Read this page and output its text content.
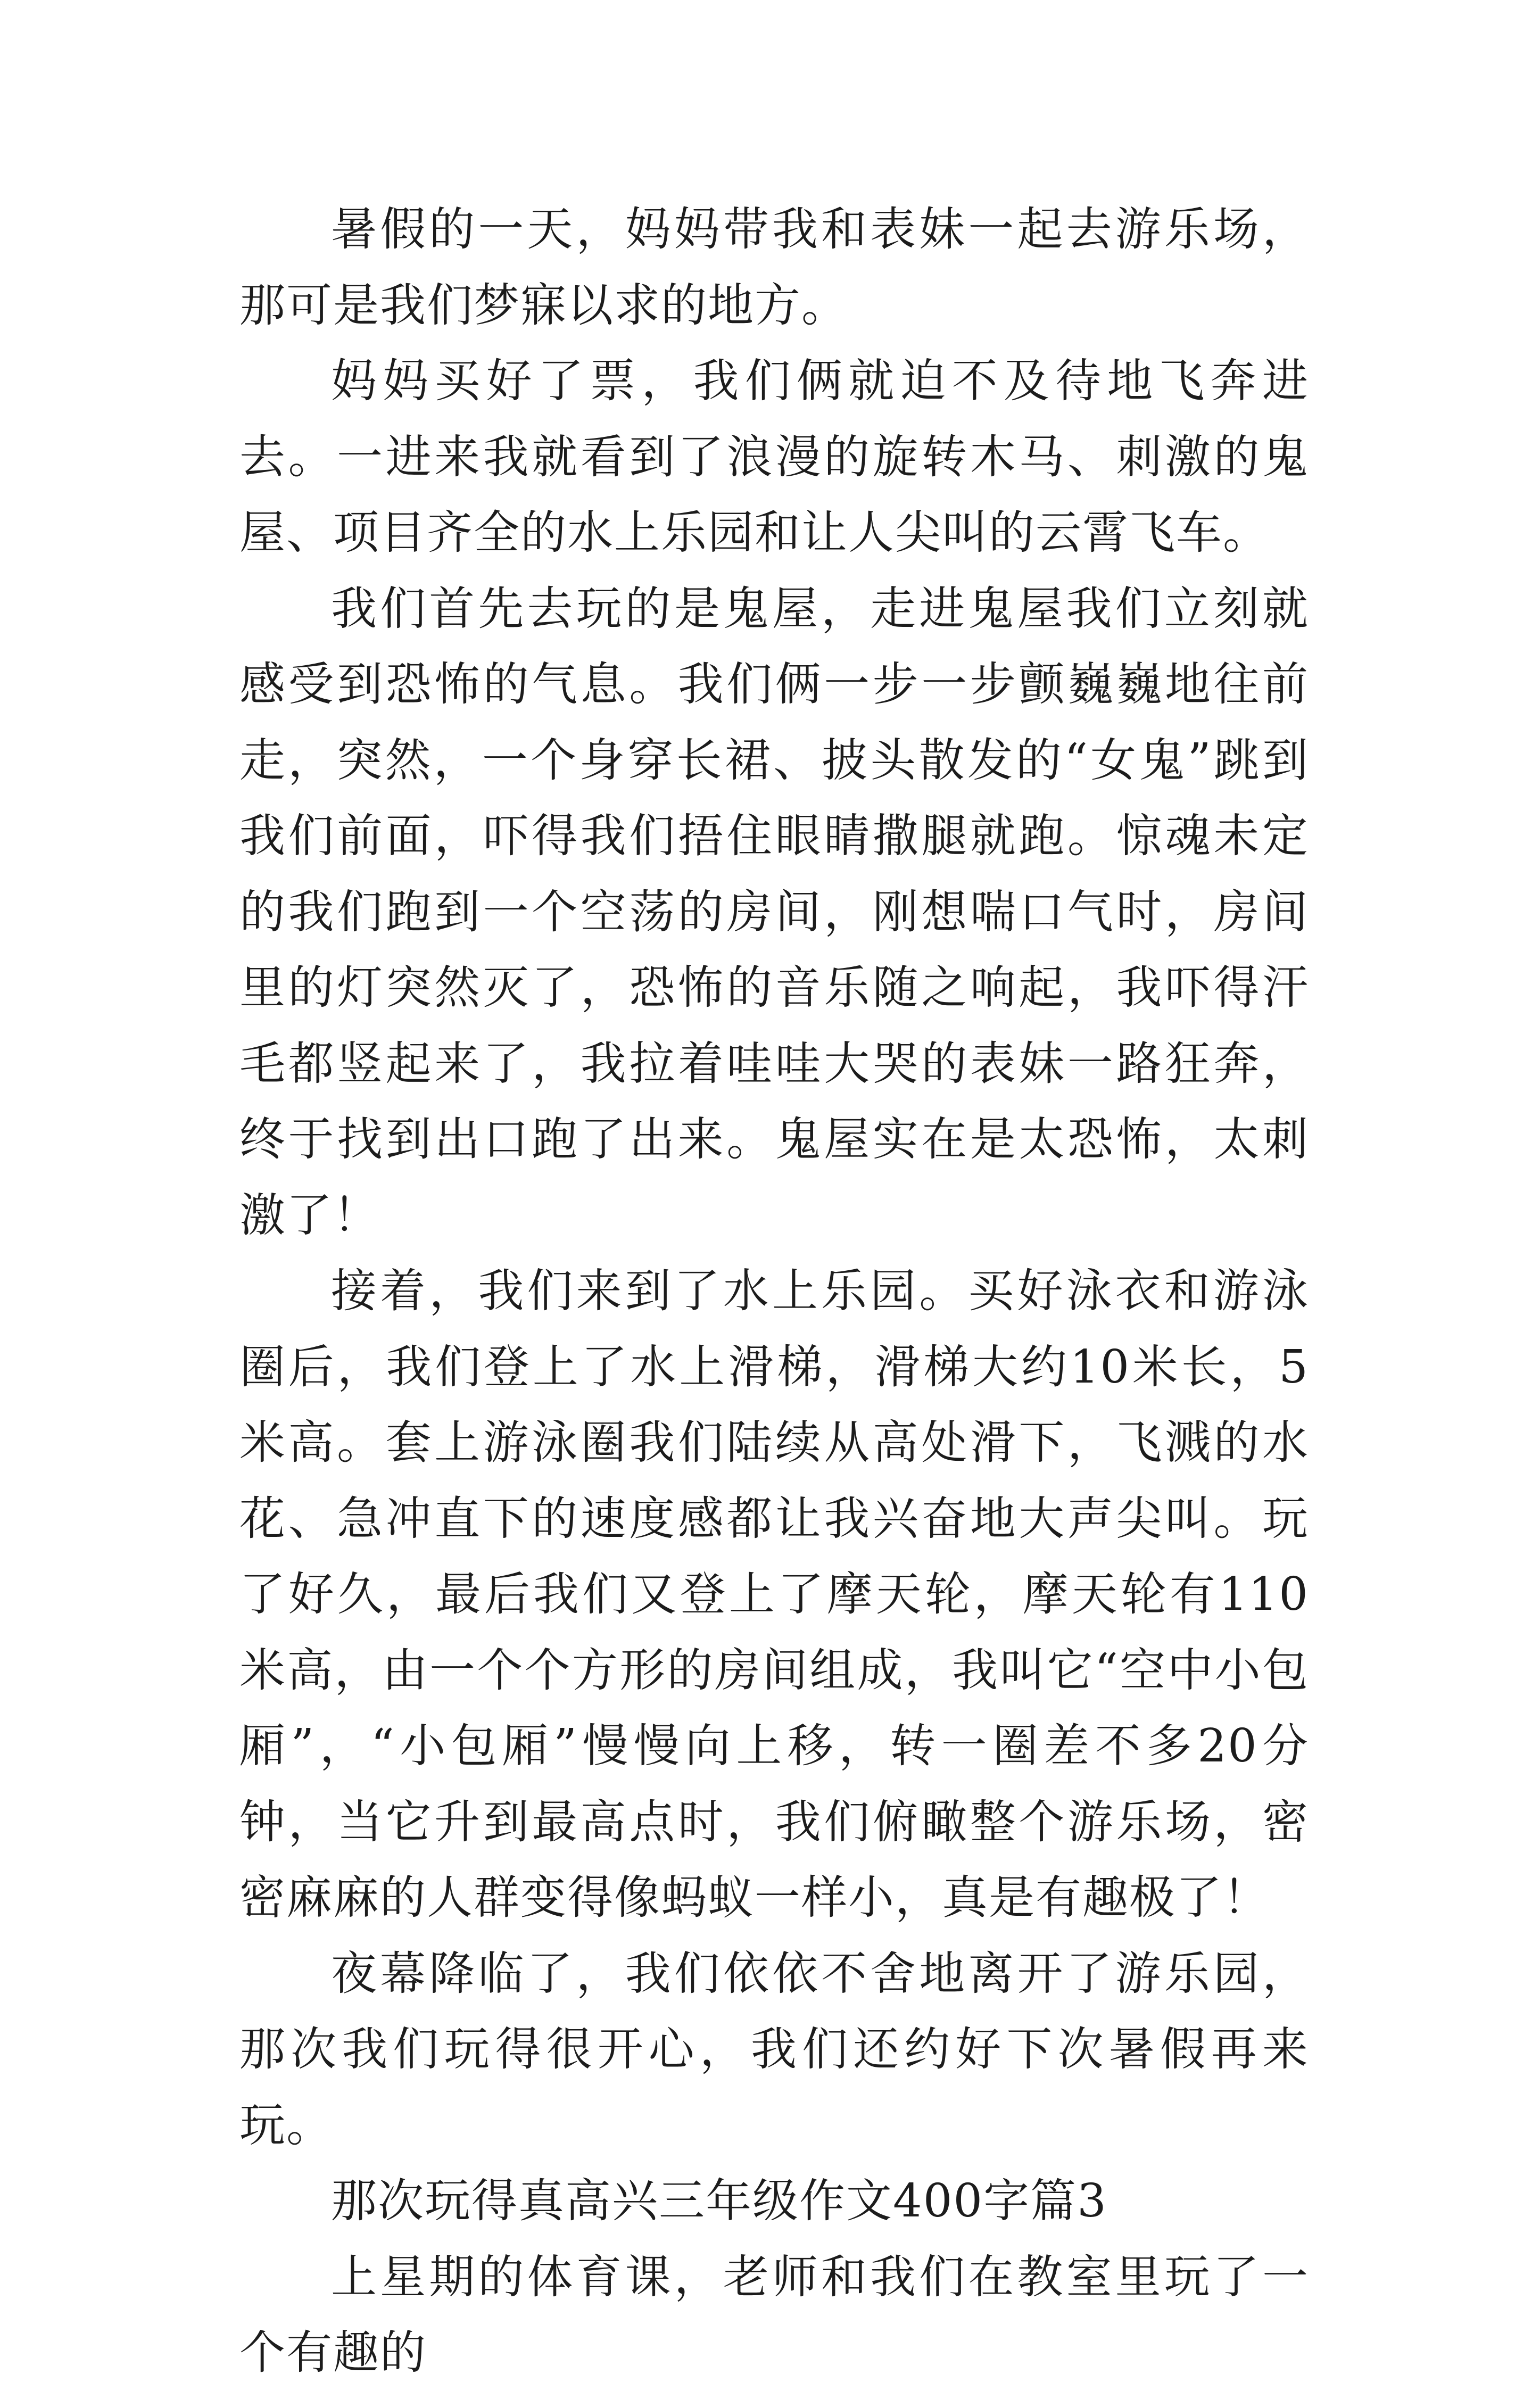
暑假的一天，妈妈带我和表妹一起去游乐场，那可是我们梦寐以求的地方。

妈妈买好了票，我们俩就迫不及待地飞奔进去。一进来我就看到了浪漫的旋转木马、刺激的鬼屋、项目齐全的水上乐园和让人尖叫的云霄飞车。

我们首先去玩的是鬼屋，走进鬼屋我们立刻就感受到恐怖的气息。我们俩一步一步颤巍巍地往前走，突然，一个身穿长裙、披头散发的“女鬼”跳到我们前面，吓得我们捂住眼睛撒腿就跑。惊魂未定的我们跑到一个空荡的房间，刚想喘口气时，房间里的灯突然灭了，恐怖的音乐随之响起，我吓得汗毛都竖起来了，我拉着哇哇大哭的表妹一路狂奔，终于找到出口跑了出来。鬼屋实在是太恐怖，太刺激了！

接着，我们来到了水上乐园。买好泳衣和游泳圈后，我们登上了水上滑梯，滑梯大约10米长，5米高。套上游泳圈我们陆续从高处滑下，飞溅的水花、急冲直下的速度感都让我兴奋地大声尖叫。玩了好久，最后我们又登上了摩天轮，摩天轮有110米高，由一个个方形的房间组成，我叫它“空中小包厢”，“小包厢”慢慢向上移，转一圈差不多20分钟，当它升到最高点时，我们俯瞰整个游乐场，密密麻麻的人群变得像蚂蚁一样小，真是有趣极了！

夜幕降临了，我们依依不舍地离开了游乐园，那次我们玩得很开心，我们还约好下次暑假再来玩。

那次玩得真高兴三年级作文400字篇3

上星期的体育课，老师和我们在教室里玩了一个有趣的
